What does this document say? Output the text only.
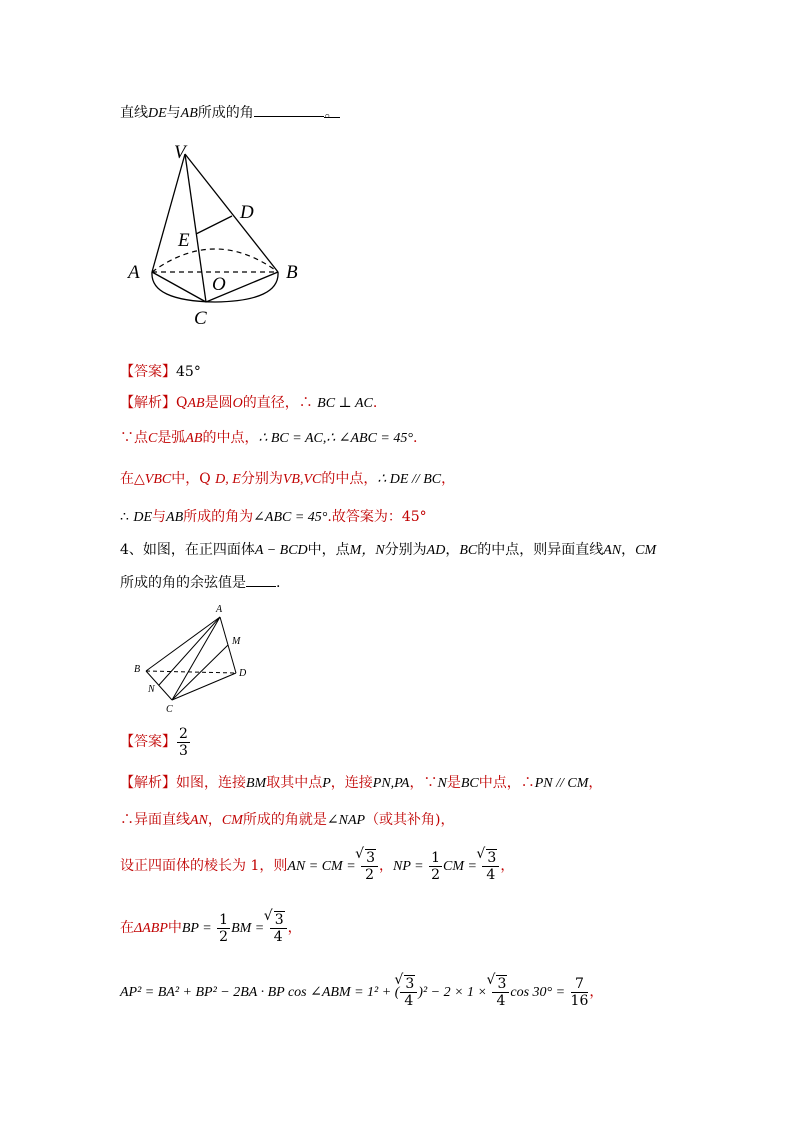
直线DE与AB所成的角	。
V
D
E
A	B
O
C
【答案】45°
【解析】QAB是圆O的直径，∴ BC ⊥ AC.
∵点C是弧AB的中点，∴ BC = AC,∴ ∠ABC = 45°.
在△VBC中，Q D, E分别为VB,VC的中点，∴ DE // BC，
∴ DE与AB所成的角为∠ABC = 45°.故答案为：45°
4、如图，在正四面体A − BCD中，点M，N分别为AD，BC的中点，则异面直线AN，CM
所成的角的余弦值是 .
A
M
B	D
N
C
【答案】 $\frac{2}{3}$
【解析】如图，连接BM取其中点P，连接PN,PA，∵N是BC中点，∴PN // CM，
∴异面直线AN，CM所成的角就是∠NAP（或其补角)，
设正四面体的棱长为 1，则AN = CM = √ $\frac{3}{2}$ ，NP = $\frac{1}{2}$ CM = √ $\frac{3}{4}$ ，
在ΔABP中BP = $\frac{1}{2}$ BM = √ $\frac{3}{4}$ ，
AP² = BA² + BP² − 2BA · BP cos ∠ABM = 1² + ( √ $\frac{3}{4} )^2 - 2 \times 1$ × √ $\frac{3}{4}$ $\cos 30^\circ = \frac{7}{16}$ ，
